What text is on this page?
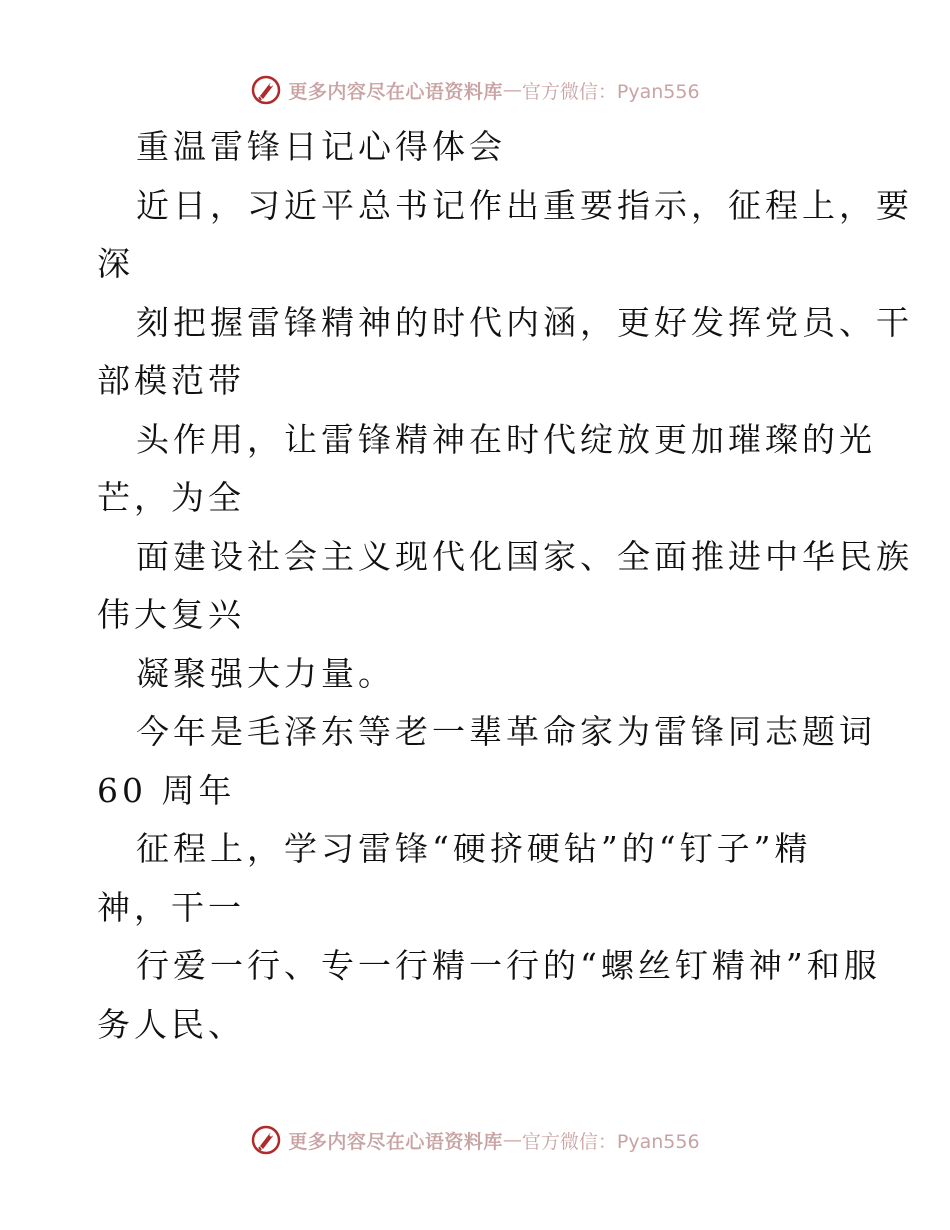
更多内容尽在心语资料库 — 官方微信：Pyan556
重温雷锋日记心得体会
近日，习近平总书记作出重要指示，征程上，要
深
刻把握雷锋精神的时代内涵，更好发挥党员、干
部模范带
头作用，让雷锋精神在时代绽放更加璀璨的光
芒，为全
面建设社会主义现代化国家、全面推进中华民族
伟大复兴
凝聚强大力量。
今年是毛泽东等老一辈革命家为雷锋同志题词
60 周年
征程上，学习雷锋“硬挤硬钻”的“钉子”精
神，干一
行爱一行、专一行精一行的“螺丝钉精神”和服
务人民、
更多内容尽在心语资料库 — 官方微信：Pyan556
